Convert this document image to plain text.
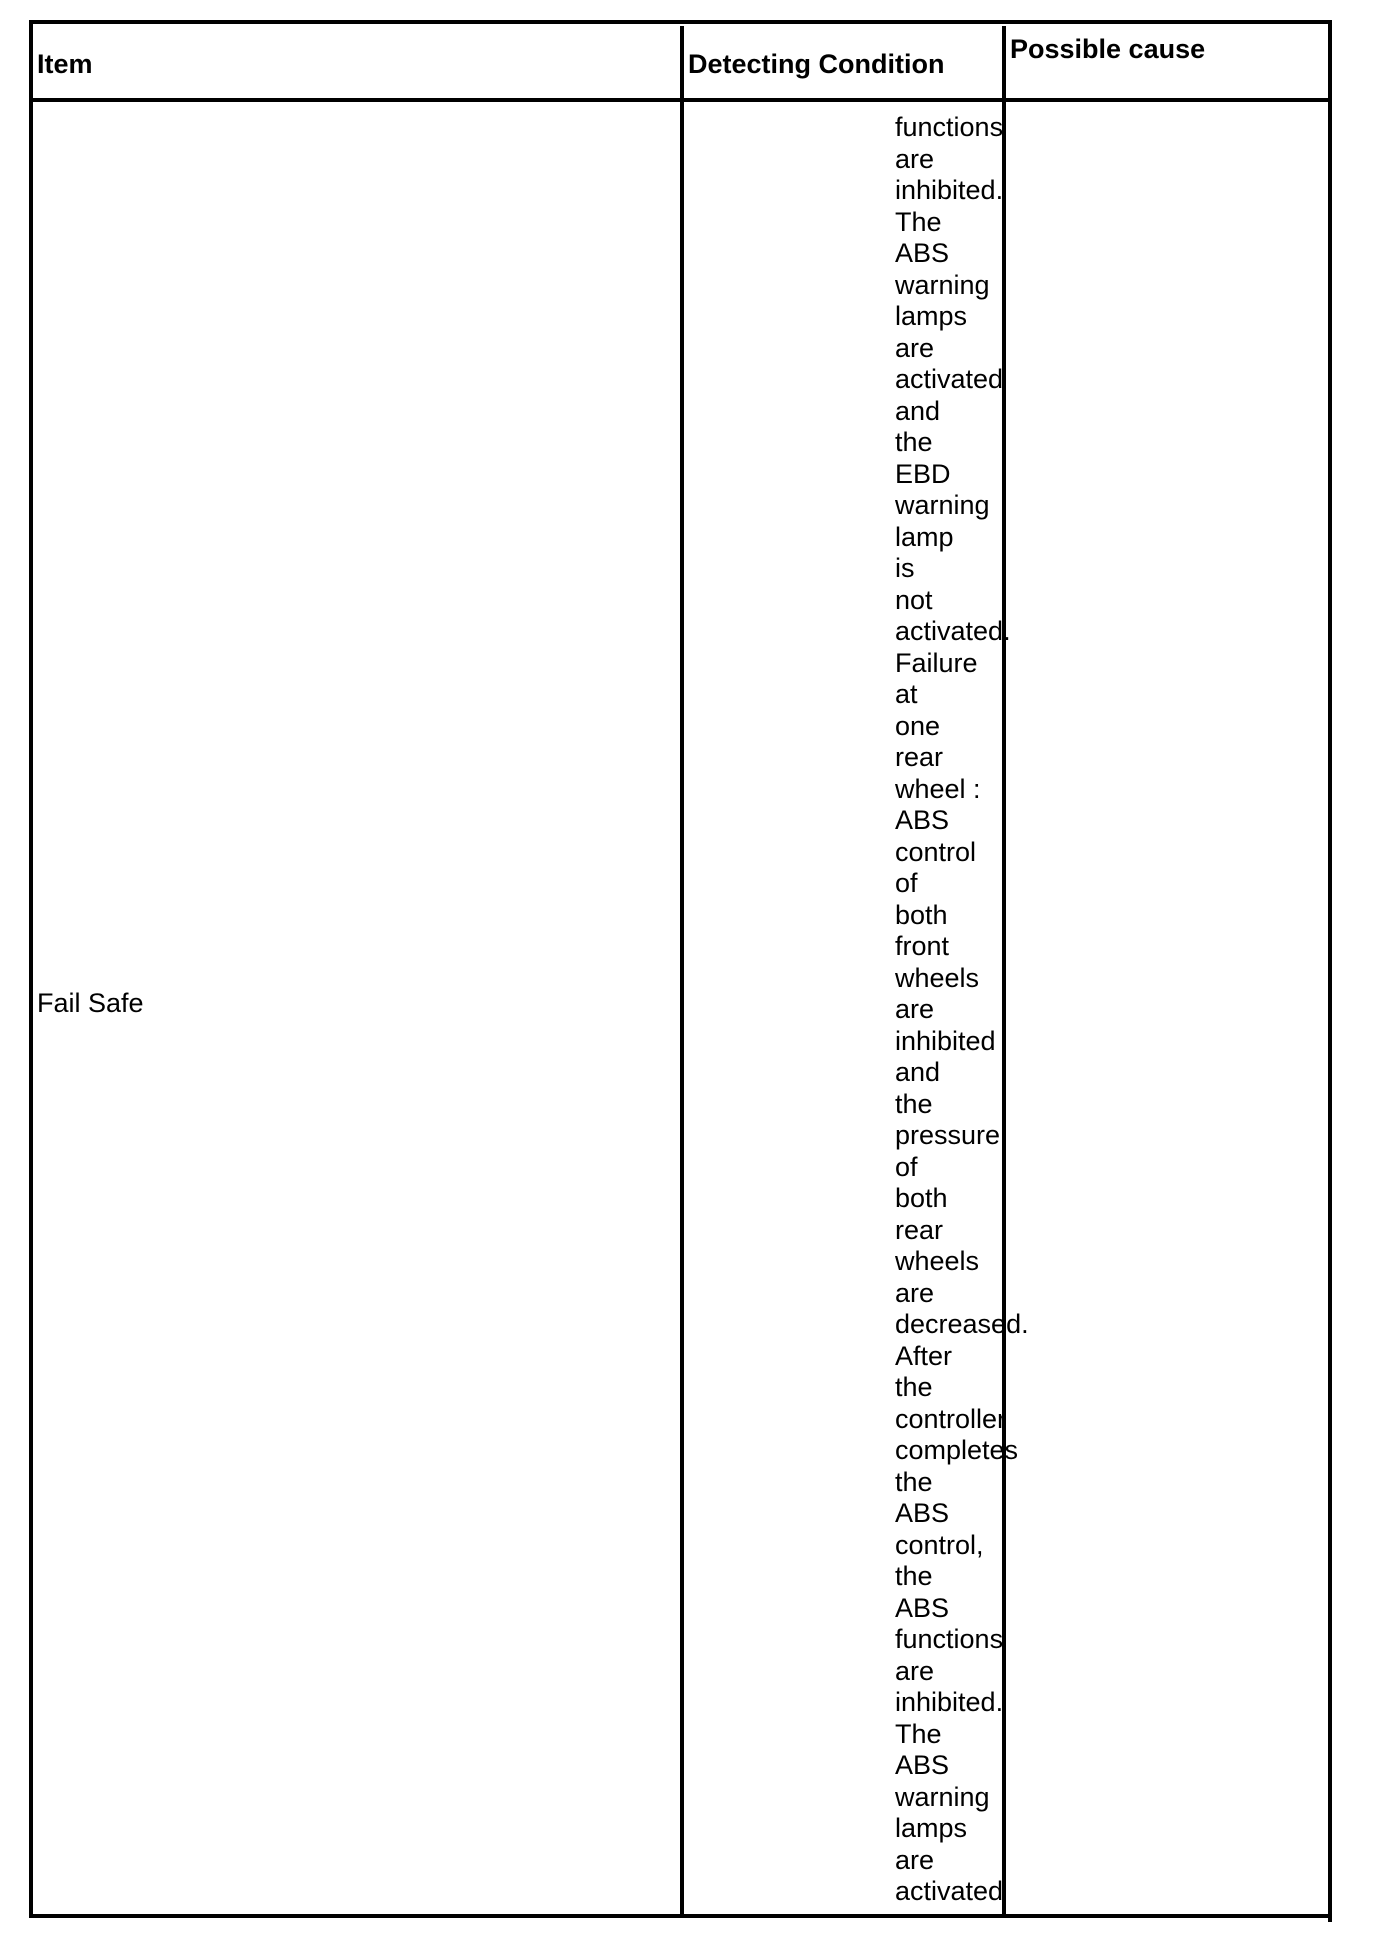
Item	Detecting Condition Possible cause
Fail Safe
functions
are
inhibited.
The
ABS
warning
lamps
are
activated
and
the
EBD
warning
lamp
is
not
activated.
Failure
at
one
rear
wheel :
ABS
control
of
both
front
wheels
are
inhibited
and
the
pressure
of
both
rear
wheels
are
decreased.
After
the
controller
completes
the
ABS
control,
the
ABS
functions
are
inhibited.
The
ABS
warning
lamps
are
activated
